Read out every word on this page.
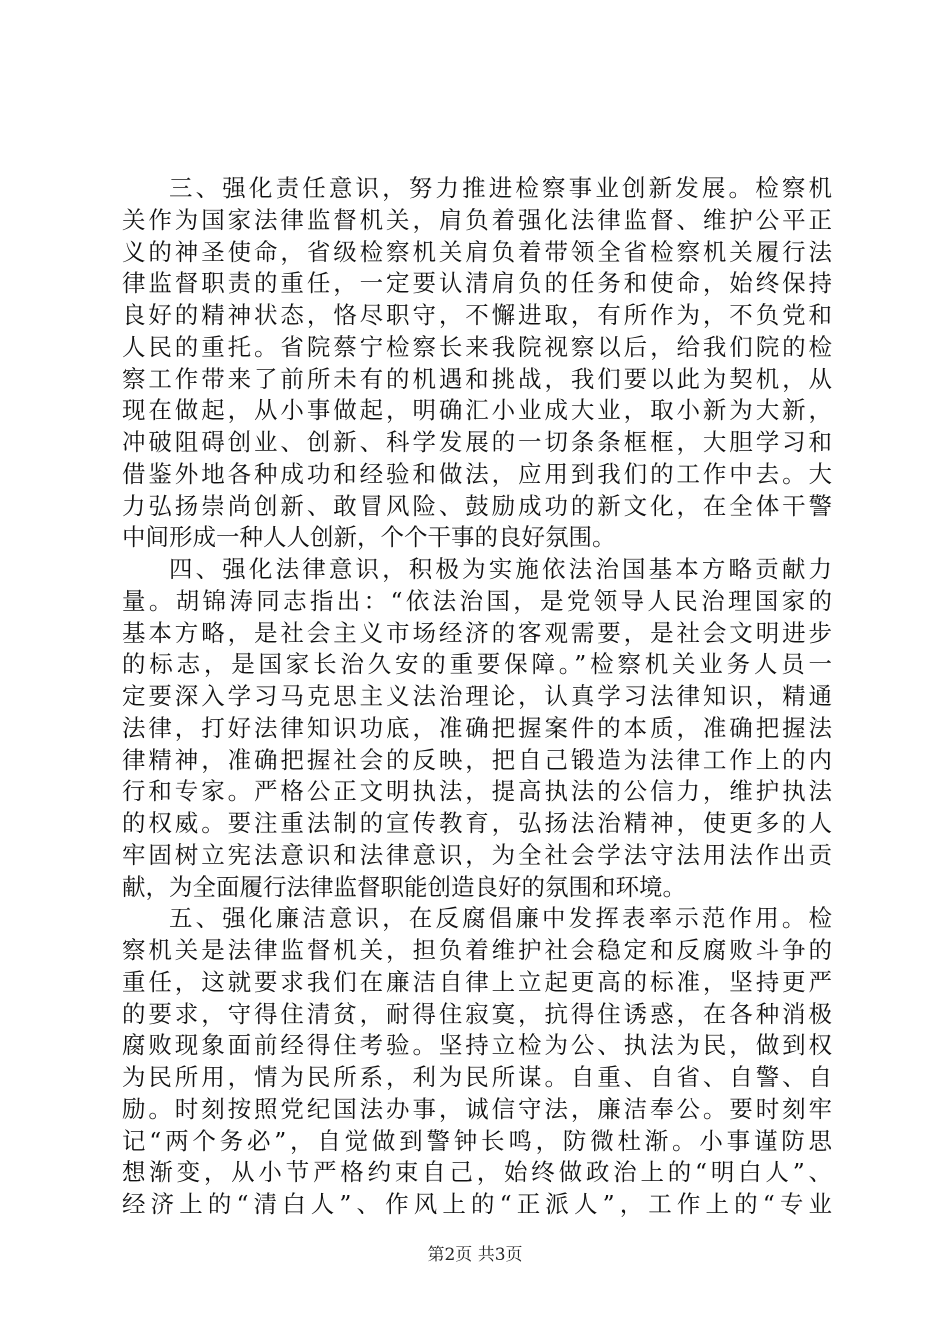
三、强化责任意识，努力推进检察事业创新发展。检察机
关作为国家法律监督机关，肩负着强化法律监督、维护公平正
义的神圣使命，省级检察机关肩负着带领全省检察机关履行法
律监督职责的重任，一定要认清肩负的任务和使命，始终保持
良好的精神状态，恪尽职守，不懈进取，有所作为，不负党和
人民的重托。省院蔡宁检察长来我院视察以后，给我们院的检
察工作带来了前所未有的机遇和挑战，我们要以此为契机，从
现在做起，从小事做起，明确汇小业成大业，取小新为大新，
冲破阻碍创业、创新、科学发展的一切条条框框，大胆学习和
借鉴外地各种成功和经验和做法，应用到我们的工作中去。大
力弘扬崇尚创新、敢冒风险、鼓励成功的新文化，在全体干警
中间形成一种人人创新，个个干事的良好氛围。
四、强化法律意识，积极为实施依法治国基本方略贡献力
量。胡锦涛同志指出：“依法治国，是党领导人民治理国家的
基本方略，是社会主义市场经济的客观需要，是社会文明进步
的标志，是国家长治久安的重要保障。”检察机关业务人员一
定要深入学习马克思主义法治理论，认真学习法律知识，精通
法律，打好法律知识功底，准确把握案件的本质，准确把握法
律精神，准确把握社会的反映，把自己锻造为法律工作上的内
行和专家。严格公正文明执法，提高执法的公信力，维护执法
的权威。要注重法制的宣传教育，弘扬法治精神，使更多的人
牢固树立宪法意识和法律意识，为全社会学法守法用法作出贡
献，为全面履行法律监督职能创造良好的氛围和环境。
五、强化廉洁意识，在反腐倡廉中发挥表率示范作用。检
察机关是法律监督机关，担负着维护社会稳定和反腐败斗争的
重任，这就要求我们在廉洁自律上立起更高的标准，坚持更严
的要求，守得住清贫，耐得住寂寞，抗得住诱惑，在各种消极
腐败现象面前经得住考验。坚持立检为公、执法为民，做到权
为民所用，情为民所系，利为民所谋。自重、自省、自警、自
励。时刻按照党纪国法办事，诚信守法，廉洁奉公。要时刻牢
记“两个务必”，自觉做到警钟长鸣，防微杜渐。小事谨防思
想渐变，从小节严格约束自己，始终做政治上的“明白人”、
经济上的“清白人”、作风上的“正派人”，工作上的“专业
第2页 共3页
